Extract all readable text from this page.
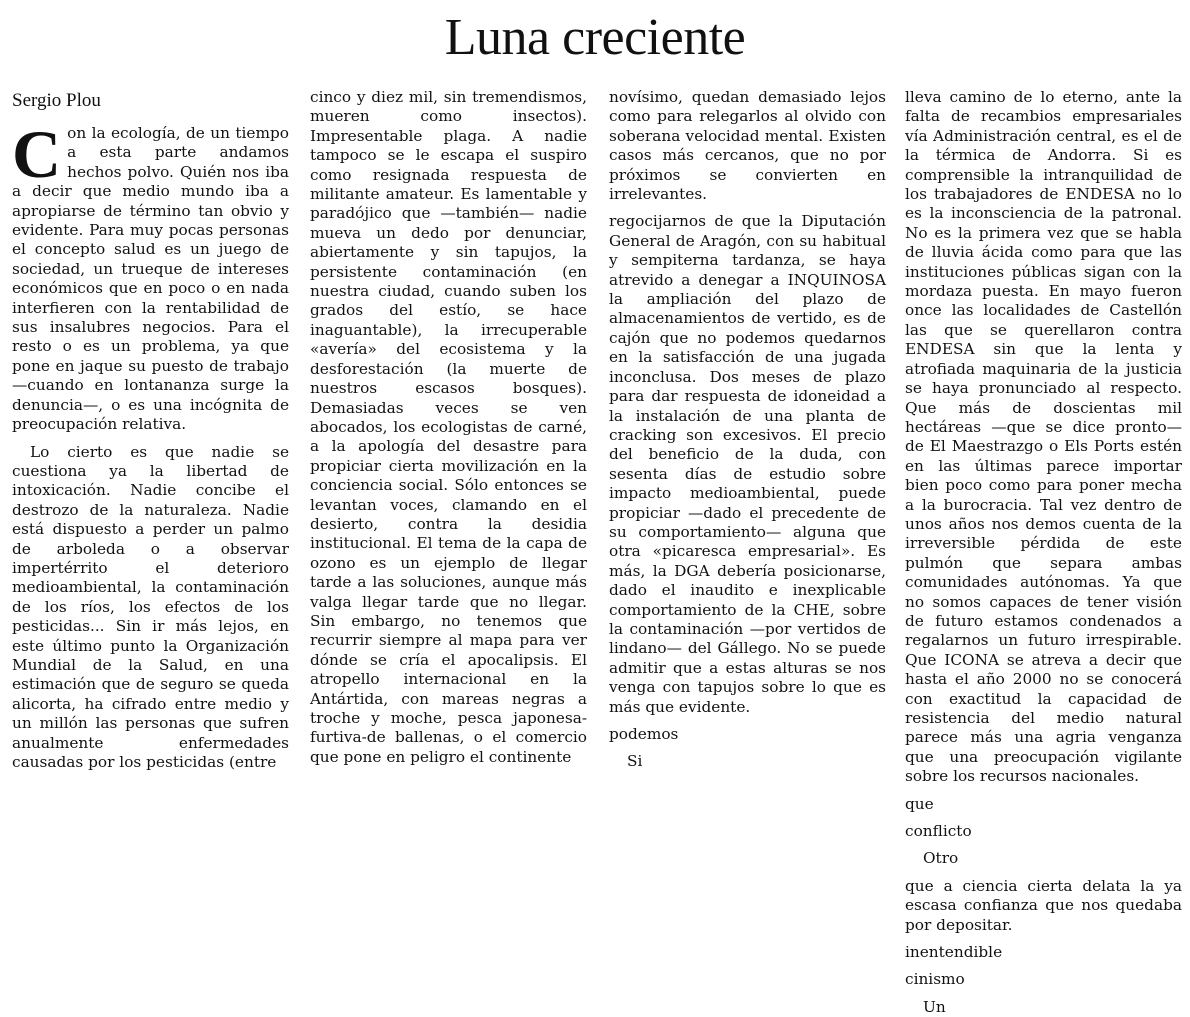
Luna creciente
Sergio Plou

Con la ecología, de un tiempo a esta parte andamos hechos polvo. Quién nos iba a decir que medio mundo iba a apropiarse de término tan obvio y evidente. Para muy pocas personas el concepto salud es un juego de sociedad, un trueque de intereses económicos que en poco o en nada interfieren con la rentabilidad de sus insalubres negocios. Para el resto o es un problema, ya que pone en jaque su puesto de trabajo —cuando en lontananza surge la denuncia—, o es una incógnita de preocupación relativa.

Lo cierto es que nadie se cuestiona ya la libertad de intoxicación. Nadie concibe el destrozo de la naturaleza. Nadie está dispuesto a perder un palmo de arboleda o a observar impertérrito el deterioro medioambiental, la contaminación de los ríos, los efectos de los pesticidas... Sin ir más lejos, en este último punto la Organización Mundial de la Salud, en una estimación que de seguro se queda alicorta, ha cifrado entre medio y un millón las personas que sufren anualmente enfermedades causadas por los pesticidas (entre

cinco y diez mil, sin tremendismos, mueren como insectos). Impresentable plaga. A nadie tampoco se le escapa el suspiro como resignada respuesta de militante amateur. Es lamentable y paradójico que —también— nadie mueva un dedo por denunciar, abiertamente y sin tapujos, la persistente contaminación (en nuestra ciudad, cuando suben los grados del estío, se hace inaguantable), la irrecuperable «avería» del ecosistema y la desforestación (la muerte de nuestros escasos bosques). Demasiadas veces se ven abocados, los ecologistas de carné, a la apología del desastre para propiciar cierta movilización en la conciencia social. Sólo entonces se levantan voces, clamando en el desierto, contra la desidia institucional. El tema de la capa de ozono es un ejemplo de llegar tarde a las soluciones, aunque más valga llegar tarde que no llegar. Sin embargo, no tenemos que recurrir siempre al mapa para ver dónde se cría el apocalipsis. El atropello internacional en la Antártida, con mareas negras a troche y moche, pesca japonesa-furtiva-de ballenas, o el comercio que pone en peligro el continente

novísimo, quedan demasiado lejos como para relegarlos al olvido con soberana velocidad mental. Existen casos más cercanos, que no por próximos se convierten en irrelevantes.

regocijarnos de que la Diputación General de Aragón, con su habitual y sempiterna tardanza, se haya atrevido a denegar a INQUINOSA la ampliación del plazo de almacenamientos de vertido, es de cajón que no podemos quedarnos en la satisfacción de una jugada inconclusa. Dos meses de plazo para dar respuesta de idoneidad a la instalación de una planta de cracking son excesivos. El precio del beneficio de la duda, con sesenta días de estudio sobre impacto medioambiental, puede propiciar —dado el precedente de su comportamiento— alguna que otra «picaresca empresarial». Es más, la DGA debería posicionarse, dado el inaudito e inexplicable comportamiento de la CHE, sobre la contaminación —por vertidos de lindano— del Gállego. No se puede admitir que a estas alturas se nos venga con tapujos sobre lo que es más que evidente.

podemos

Si

lleva camino de lo eterno, ante la falta de recambios empresariales vía Administración central, es el de la térmica de Andorra. Si es comprensible la intranquilidad de los trabajadores de ENDESA no lo es la inconsciencia de la patronal. No es la primera vez que se habla de lluvia ácida como para que las instituciones públicas sigan con la mordaza puesta. En mayo fueron once las localidades de Castellón las que se querellaron contra ENDESA sin que la lenta y atrofiada maquinaria de la justicia se haya pronunciado al respecto. Que más de doscientas mil hectáreas —que se dice pronto— de El Maestrazgo o Els Ports estén en las últimas parece importar bien poco como para poner mecha a la burocracia. Tal vez dentro de unos años nos demos cuenta de la irreversible pérdida de este pulmón que separa ambas comunidades autónomas. Ya que no somos capaces de tener visión de futuro estamos condenados a regalarnos un futuro irrespirable. Que ICONA se atreva a decir que hasta el año 2000 no se conocerá con exactitud la capacidad de resistencia del medio natural parece más una agria venganza que una preocupación vigilante sobre los recursos nacionales.

que

conflicto

Otro

que a ciencia cierta delata la ya escasa confianza que nos quedaba por depositar.

inentendible

cinismo

Un
